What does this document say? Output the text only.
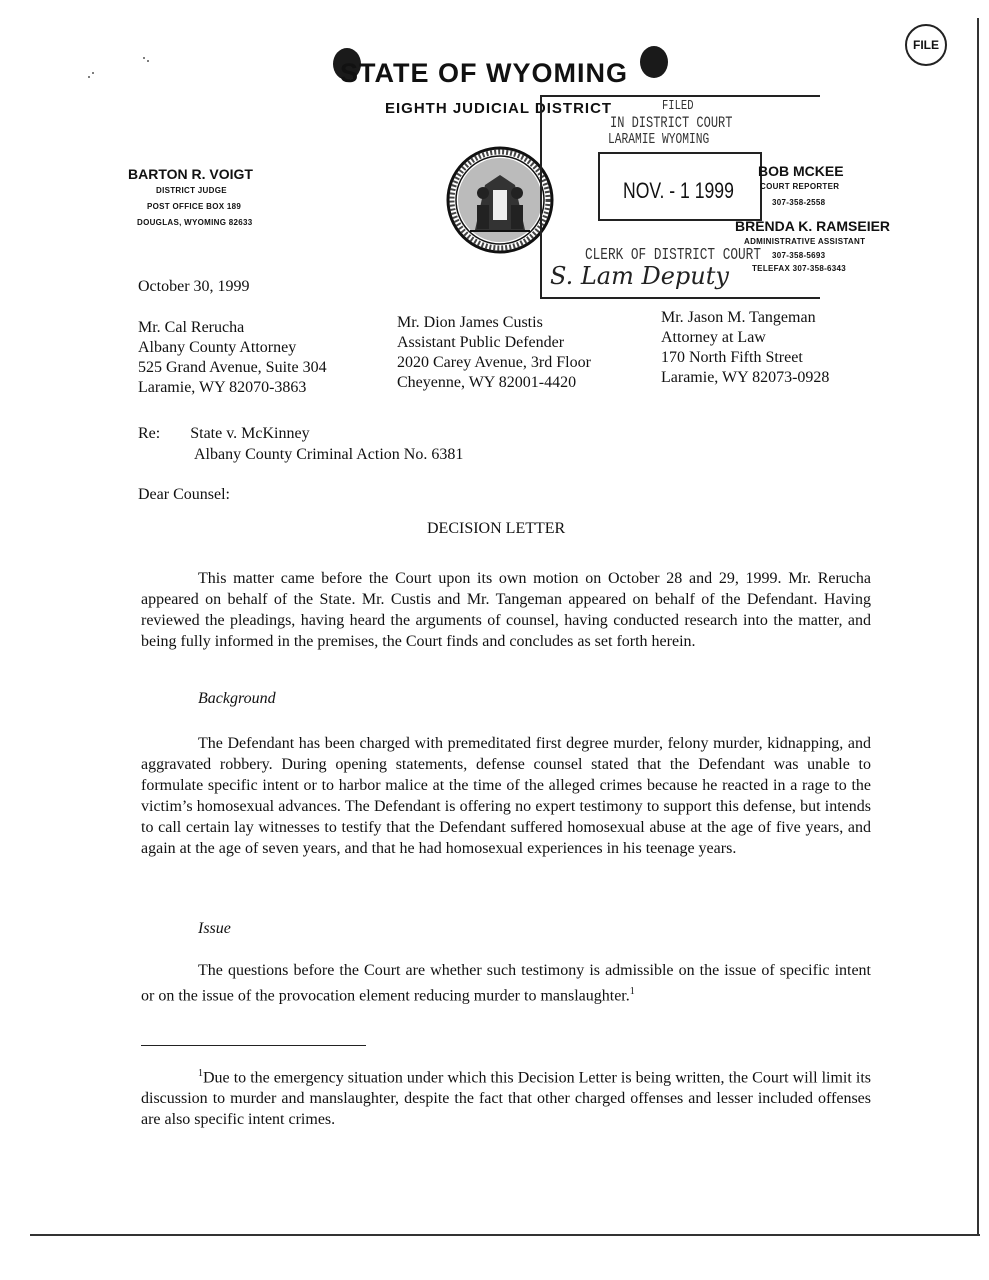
FILE
STATE OF WYOMING
EIGHTH JUDICIAL DISTRICT
BARTON R. VOIGT
DISTRICT JUDGE
POST OFFICE BOX 189
DOUGLAS, WYOMING 82633
FILED
IN DISTRICT COURT
LARAMIE WYOMING
NOV. - 1 1999
CLERK OF DISTRICT COURT
S. Lam Deputy
BOB MCKEE
COURT REPORTER
307-358-2558
BRENDA K. RAMSEIER
ADMINISTRATIVE ASSISTANT
307-358-5693
TELEFAX 307-358-6343
October 30, 1999
Mr. Cal Rerucha
Albany County Attorney
525 Grand Avenue, Suite 304
Laramie, WY 82070-3863
Mr. Dion James Custis
Assistant Public Defender
2020 Carey Avenue, 3rd Floor
Cheyenne, WY 82001-4420
Mr. Jason M. Tangeman
Attorney at Law
170 North Fifth Street
Laramie, WY 82073-0928
Re: State v. McKinney
Albany County Criminal Action No. 6381
Dear Counsel:
DECISION LETTER
This matter came before the Court upon its own motion on October 28 and 29, 1999. Mr. Rerucha appeared on behalf of the State. Mr. Custis and Mr. Tangeman appeared on behalf of the Defendant. Having reviewed the pleadings, having heard the arguments of counsel, having conducted research into the matter, and being fully informed in the premises, the Court finds and concludes as set forth herein.
Background
The Defendant has been charged with premeditated first degree murder, felony murder, kidnapping, and aggravated robbery. During opening statements, defense counsel stated that the Defendant was unable to formulate specific intent or to harbor malice at the time of the alleged crimes because he reacted in a rage to the victim’s homosexual advances. The Defendant is offering no expert testimony to support this defense, but intends to call certain lay witnesses to testify that the Defendant suffered homosexual abuse at the age of five years, and again at the age of seven years, and that he had homosexual experiences in his teenage years.
Issue
The questions before the Court are whether such testimony is admissible on the issue of specific intent or on the issue of the provocation element reducing murder to manslaughter.$^1$
$^1$Due to the emergency situation under which this Decision Letter is being written, the Court will limit its discussion to murder and manslaughter, despite the fact that other charged offenses and lesser included offenses are also specific intent crimes.
